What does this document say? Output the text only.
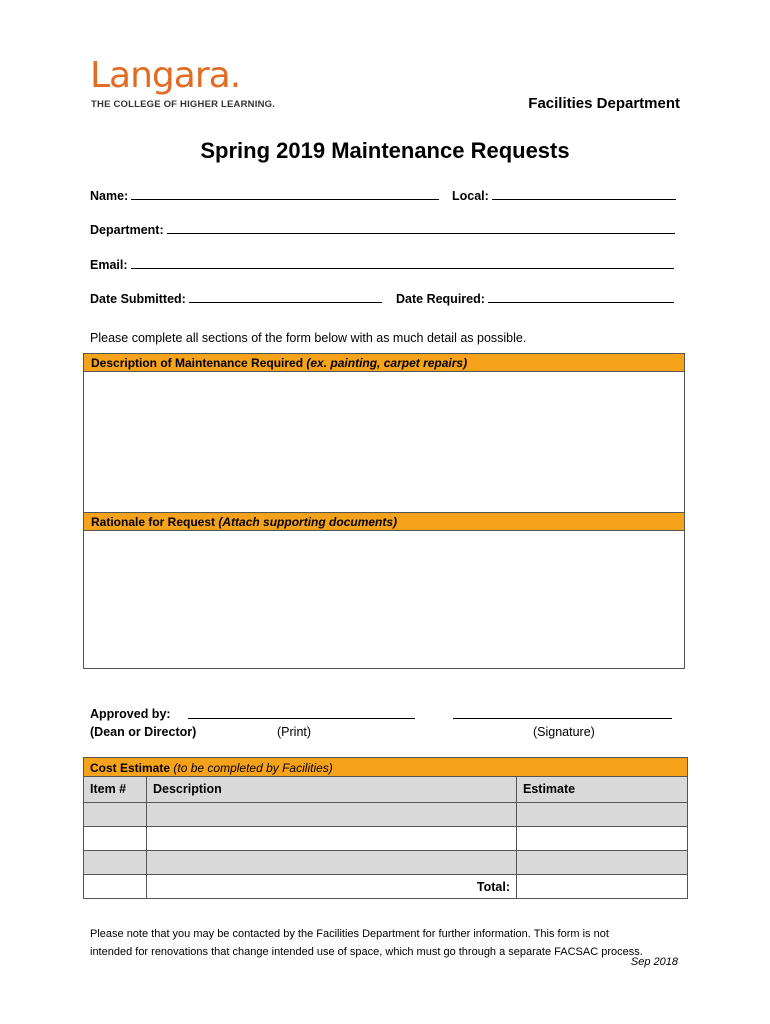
Langara.
THE COLLEGE OF HIGHER LEARNING.	Facilities Department
Spring 2019 Maintenance Requests
Name:	Local:
Department:
Email:
Date Submitted:	Date Required:
Please complete all sections of the form below with as much detail as possible.
Description of Maintenance Required (ex. painting, carpet repairs)
Rationale for Request (Attach supporting documents)
Approved by:
(Dean or Director)	(Print)	(Signature)
Cost Estimate (to be completed by Facilities)		
Item #	Description	Estimate

	Total:	
Please note that you may be contacted by the Facilities Department for further information. This form is not
intended for renovations that change intended use of space, which must go through a separate FACSAC process.
Sep 2018
